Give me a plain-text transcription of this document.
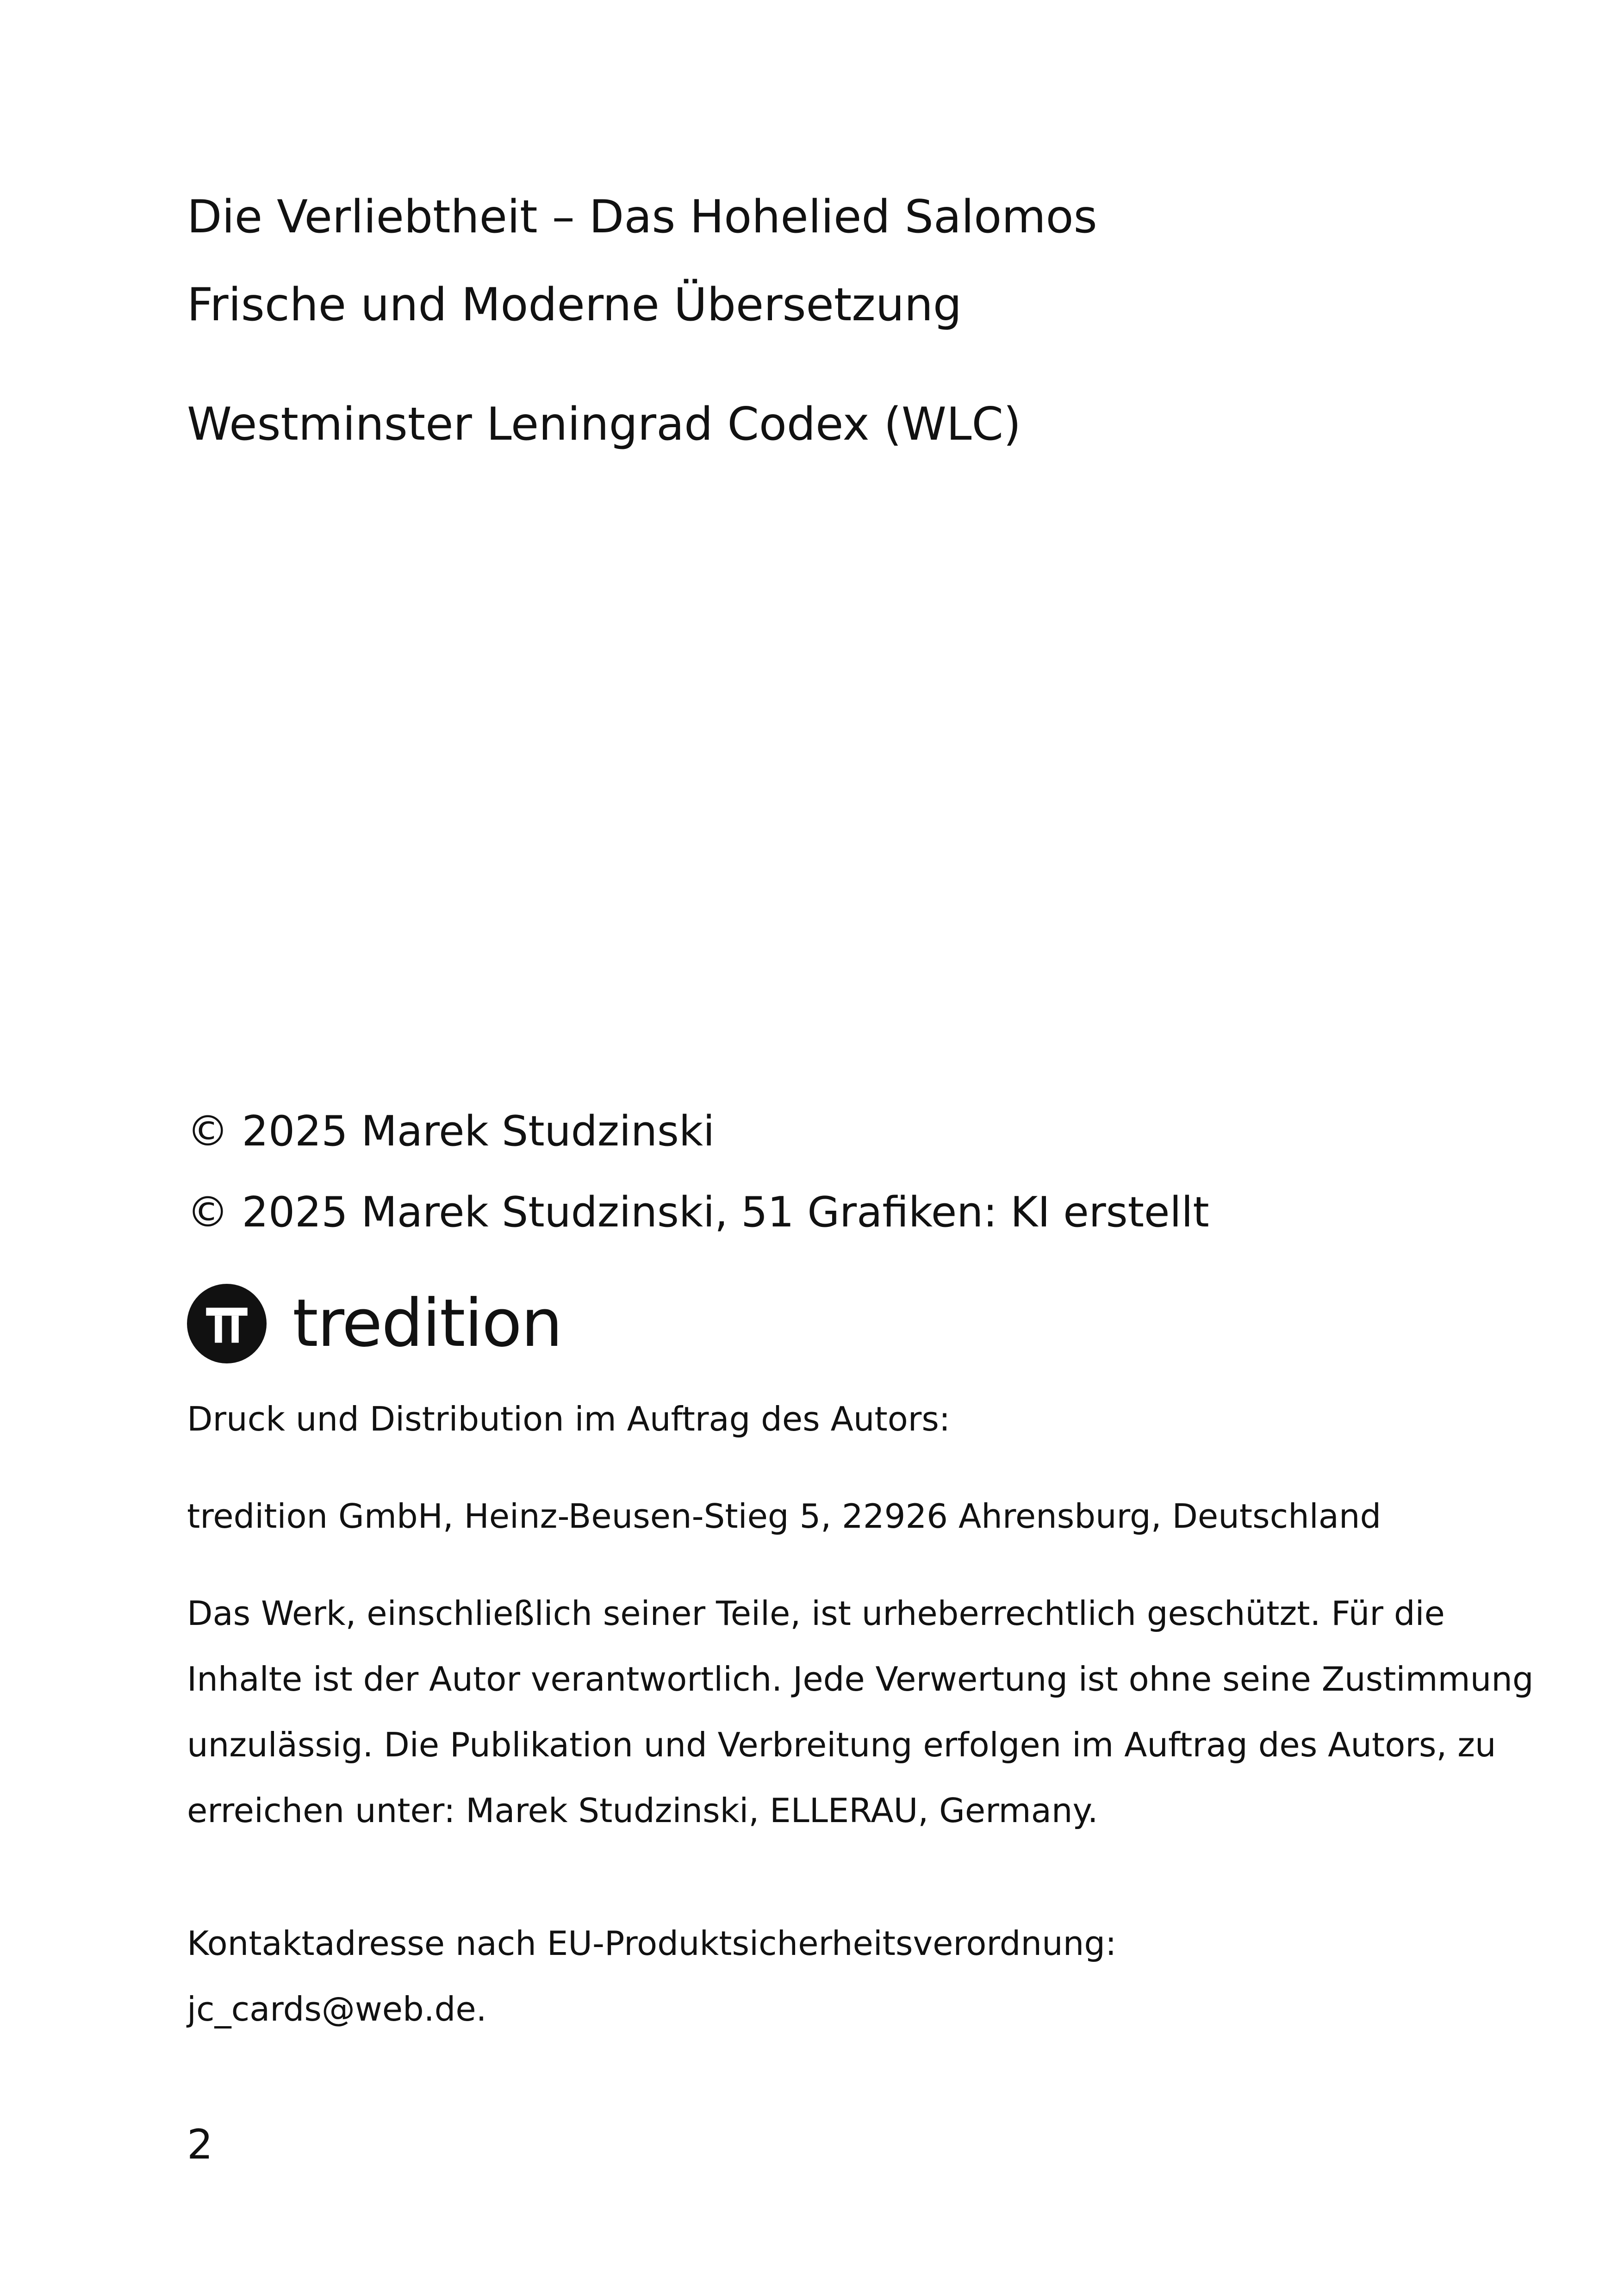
Die Verliebtheit – Das Hohelied Salomos
Frische und Moderne Übersetzung
Westminster Leningrad Codex (WLC)
© 2025 Marek Studzinski
© 2025 Marek Studzinski, 51 Grafiken: KI erstellt
tredition
Druck und Distribution im Auftrag des Autors:
tredition GmbH, Heinz-Beusen-Stieg 5, 22926 Ahrensburg, Deutschland
Das Werk, einschließlich seiner Teile, ist urheberrechtlich geschützt. Für die
Inhalte ist der Autor verantwortlich. Jede Verwertung ist ohne seine Zustimmung
unzulässig. Die Publikation und Verbreitung erfolgen im Auftrag des Autors, zu
erreichen unter: Marek Studzinski, ELLERAU, Germany.
Kontaktadresse nach EU-Produktsicherheitsverordnung:
jc_cards@web.de.
2
